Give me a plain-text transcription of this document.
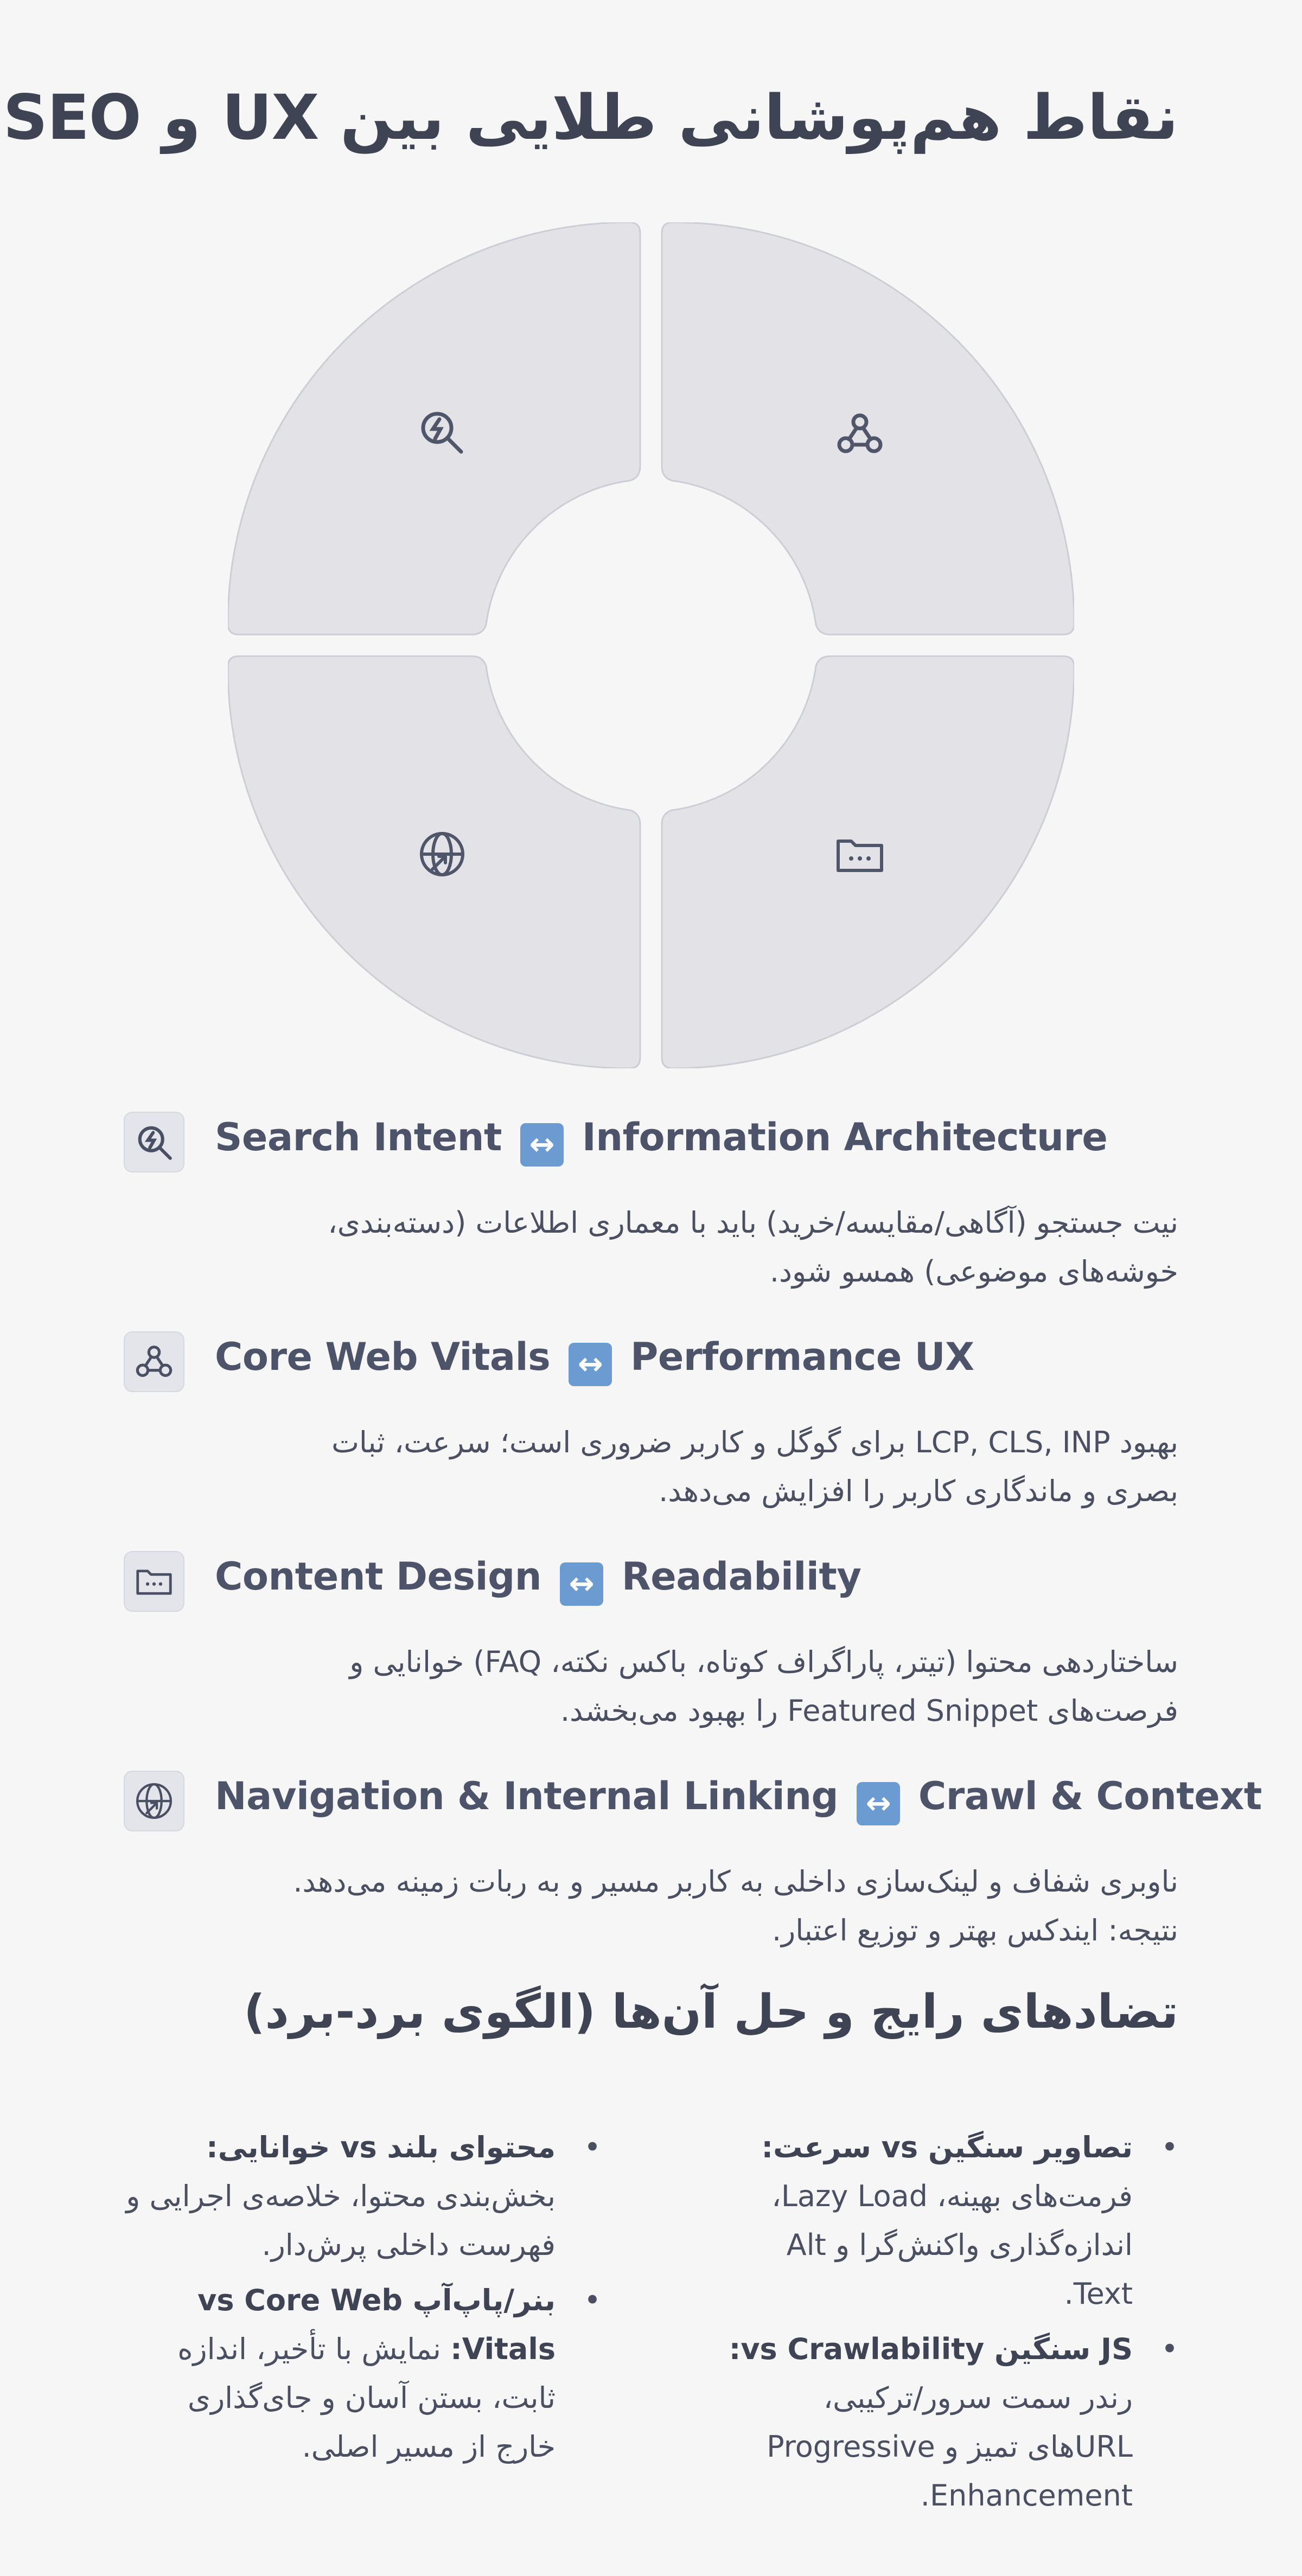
نقاط هم‌پوشانی طلایی بین UX و SEO
Search Intent ↔ Information Architecture
نیت جستجو (آگاهی/مقایسه/خرید) باید با معماری اطلاعات (دسته‌بندی، خوشه‌های موضوعی) همسو شود.
Core Web Vitals ↔ Performance UX
بهبود LCP, CLS, INP برای گوگل و کاربر ضروری است؛ سرعت، ثبات بصری و ماندگاری کاربر را افزایش می‌دهد.
Content Design ↔ Readability
ساختاردهی محتوا (تیتر، پاراگراف کوتاه، باکس نکته، FAQ) خوانایی و فرصت‌های Featured Snippet را بهبود می‌بخشد.
Navigation & Internal Linking ↔ Crawl & Context
ناوبری شفاف و لینک‌سازی داخلی به کاربر مسیر و به ربات زمینه می‌دهد. نتیجه: ایندکس بهتر و توزیع اعتبار.
تضادهای رایج و حل آن‌ها (الگوی برد-برد)
•
تصاویر سنگین vs سرعت: فرمت‌های بهینه، Lazy Load، اندازه‌گذاری واکنش‌گرا و Alt Text.
•
JS سنگین vs Crawlability: رندر سمت سرور/ترکیبی، URLهای تمیز و Progressive Enhancement.
•
محتوای بلند vs خوانایی: بخش‌بندی محتوا، خلاصه‌ی اجرایی و فهرست داخلی پرش‌دار.
•
بنر/پاپ‌آپ vs Core Web Vitals: نمایش با تأخیر، اندازه ثابت، بستن آسان و جای‌گذاری خارج از مسیر اصلی.
